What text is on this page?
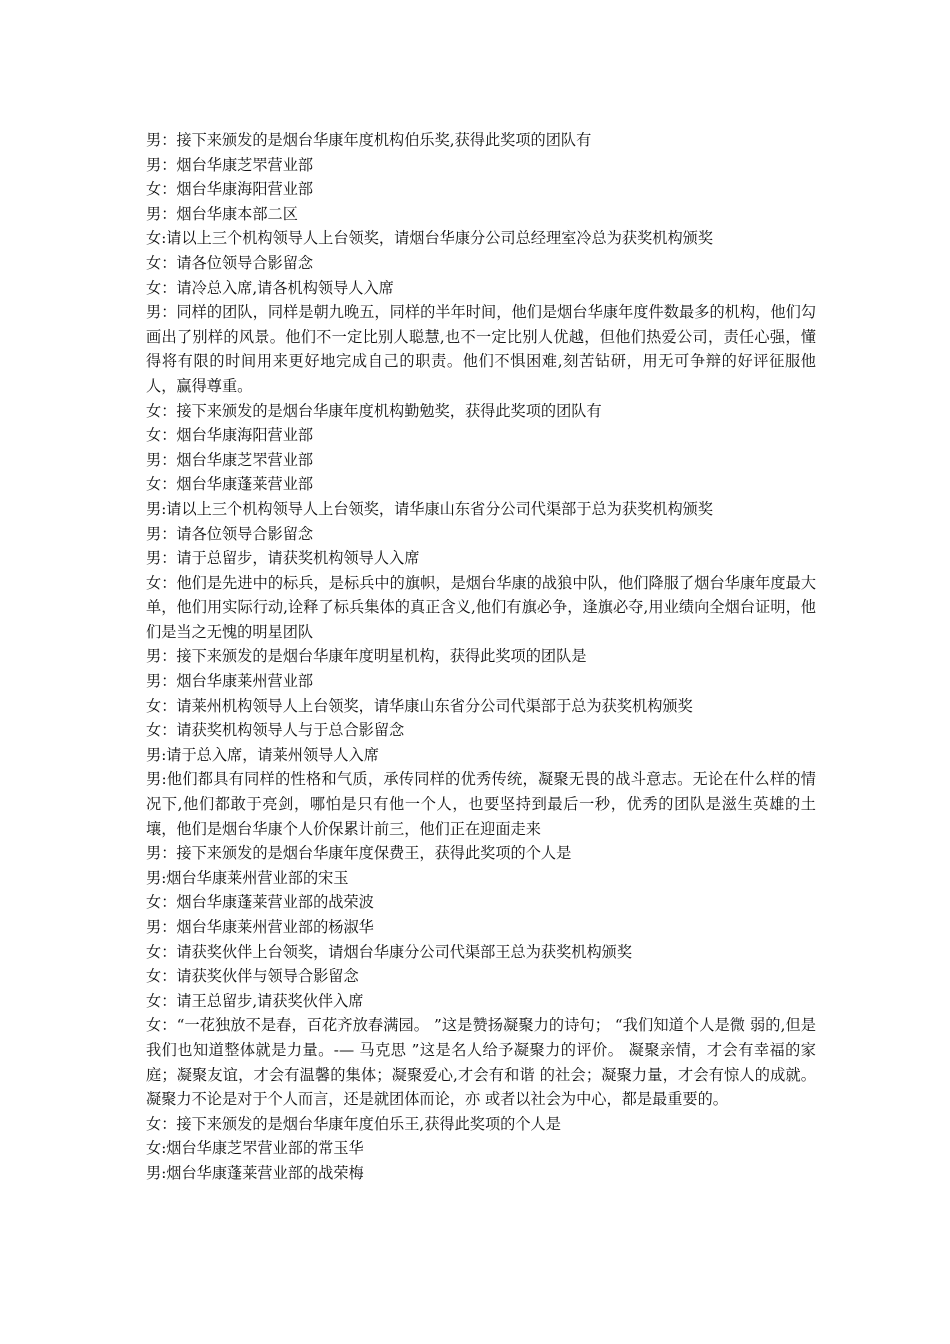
男：接下来颁发的是烟台华康年度机构伯乐奖,获得此奖项的团队有

男：烟台华康芝罘营业部

女：烟台华康海阳营业部

男：烟台华康本部二区

女:请以上三个机构领导人上台领奖，请烟台华康分公司总经理室冷总为获奖机构颁奖

女：请各位领导合影留念

女：请冷总入席,请各机构领导人入席

男：同样的团队，同样是朝九晚五，同样的半年时间，他们是烟台华康年度件数最多的机构，他们勾画出了别样的风景。他们不一定比别人聪慧,也不一定比别人优越，但他们热爱公司，责任心强，懂得将有限的时间用来更好地完成自己的职责。他们不惧困难,刻苦钻研，用无可争辩的好评征服他人，赢得尊重。

女：接下来颁发的是烟台华康年度机构勤勉奖，获得此奖项的团队有

女：烟台华康海阳营业部

男：烟台华康芝罘营业部

女：烟台华康蓬莱营业部

男:请以上三个机构领导人上台领奖，请华康山东省分公司代渠部于总为获奖机构颁奖

男：请各位领导合影留念

男：请于总留步，请获奖机构领导人入席

女：他们是先进中的标兵，是标兵中的旗帜，是烟台华康的战狼中队，他们降服了烟台华康年度最大单，他们用实际行动,诠释了标兵集体的真正含义,他们有旗必争，逢旗必夺,用业绩向全烟台证明，他们是当之无愧的明星团队

男：接下来颁发的是烟台华康年度明星机构，获得此奖项的团队是

男：烟台华康莱州营业部

女：请莱州机构领导人上台领奖，请华康山东省分公司代渠部于总为获奖机构颁奖

女：请获奖机构领导人与于总合影留念

男:请于总入席，请莱州领导人入席

男:他们都具有同样的性格和气质，承传同样的优秀传统，凝聚无畏的战斗意志。无论在什么样的情况下,他们都敢于亮剑，哪怕是只有他一个人，也要坚持到最后一秒，优秀的团队是滋生英雄的土壤，他们是烟台华康个人价保累计前三，他们正在迎面走来

男：接下来颁发的是烟台华康年度保费王，获得此奖项的个人是

男:烟台华康莱州营业部的宋玉

女：烟台华康蓬莱营业部的战荣波

男：烟台华康莱州营业部的杨淑华

女：请获奖伙伴上台领奖，请烟台华康分公司代渠部王总为获奖机构颁奖

女：请获奖伙伴与领导合影留念

女：请王总留步,请获奖伙伴入席

女：“一花独放不是春，百花齐放春满园。 ”这是赞扬凝聚力的诗句； “我们知道个人是微 弱的,但是我们也知道整体就是力量。-— 马克思 ”这是名人给予凝聚力的评价。 凝聚亲情，才会有幸福的家庭；凝聚友谊，才会有温馨的集体；凝聚爱心,才会有和谐 的社会；凝聚力量，才会有惊人的成就。凝聚力不论是对于个人而言，还是就团体而论，亦 或者以社会为中心，都是最重要的。

女：接下来颁发的是烟台华康年度伯乐王,获得此奖项的个人是

女:烟台华康芝罘营业部的常玉华

男:烟台华康蓬莱营业部的战荣梅
